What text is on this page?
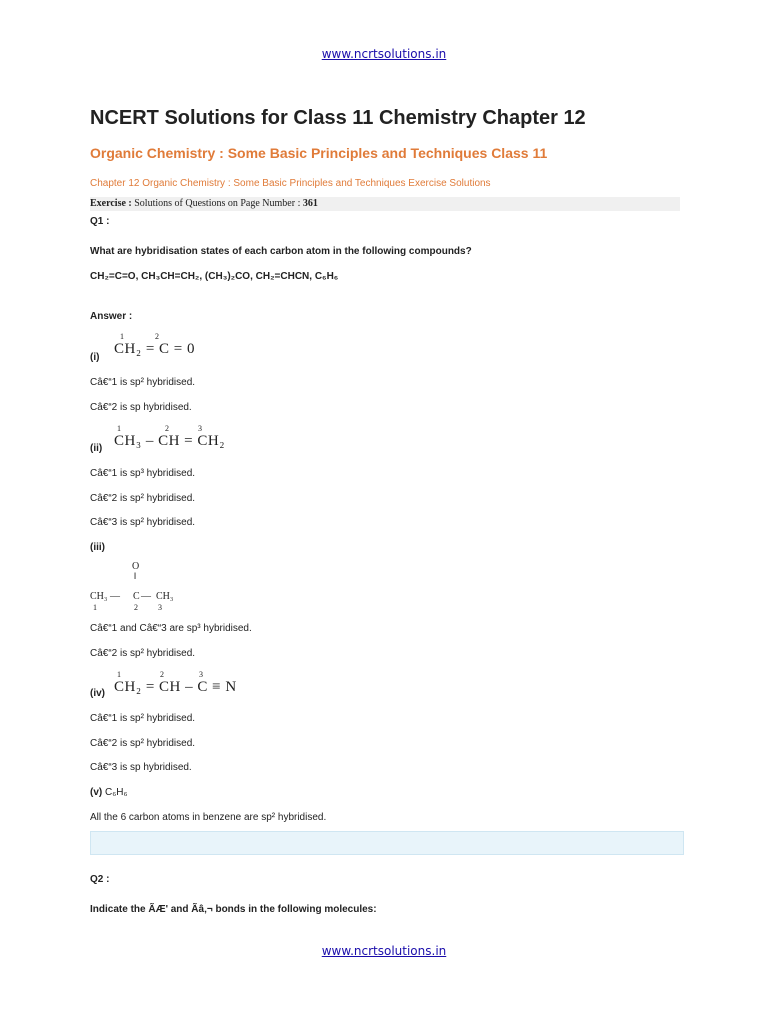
www.ncrtsolutions.in
NCERT Solutions for Class 11 Chemistry Chapter 12
Organic Chemistry : Some Basic Principles and Techniques Class 11
Chapter 12 Organic Chemistry : Some Basic Principles and Techniques Exercise Solutions
Exercise : Solutions of Questions on Page Number : 361
Q1 :
What are hybridisation states of each carbon atom in the following compounds?
CH₂=C=O, CH₃CH=CH₂, (CH₃)₂CO, CH₂=CHCN, C₆H₆
Answer :
(i)
1	2
CH₂ = C = 0
Câ€“1 is sp² hybridised.
Câ€“2 is sp hybridised.
(ii)
1	2	3
CH₃ – CH = CH₂
Câ€“1 is sp³ hybridised.
Câ€“2 is sp² hybridised.
Câ€“3 is sp² hybridised.
(iii)
O
‖
CH₃ — C — CH₃
1	2	3
Câ€“1 and Câ€“3 are sp³ hybridised.
Câ€“2 is sp² hybridised.
(iv)
1	2	3
CH₂ = CH – C ≡ N
Câ€“1 is sp² hybridised.
Câ€“2 is sp² hybridised.
Câ€“3 is sp hybridised.
(v) C₆H₆
All the 6 carbon atoms in benzene are sp² hybridised.
Q2 :
Indicate the ÃÆ' and Ãâ‚¬ bonds in the following molecules:
www.ncrtsolutions.in
